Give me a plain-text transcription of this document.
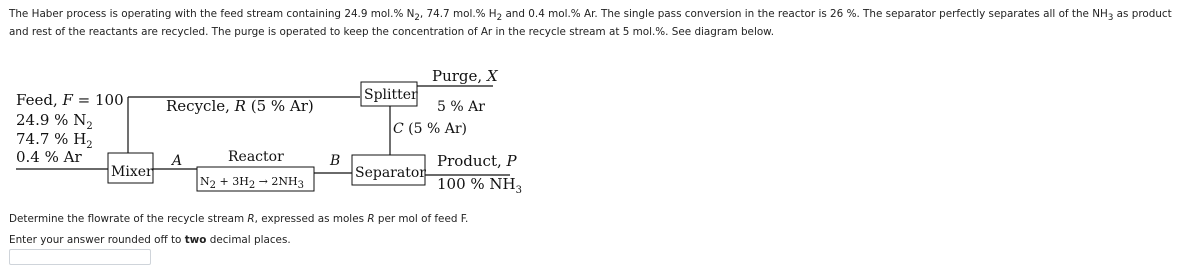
The Haber process is operating with the feed stream containing 24.9 mol.% $N_2$, 74.7 mol.% $H_2$ and 0.4 mol.% Ar. The single pass conversion in the reactor is 26 %. The separator perfectly separates all of the $NH_3$ as product and rest of the reactants are recycled. The purge is operated to keep the concentration of Ar in the recycle stream at 5 mol.%. See diagram below.

Feed, F = 100
24.9 % $N_2$
74.7 % $H_2$
0.4 % Ar
Recycle, R (5 % Ar)
Mixer
A	Reactor
N2 + 3H2 → 2NH3
B
Splitter
Purge, X
5 % Ar
C (5 % Ar)
Separator
Product, P
100 % $NH_3$

Determine the flowrate of the recycle stream R, expressed as moles R per mol of feed F.

Enter your answer rounded off to two decimal places.
